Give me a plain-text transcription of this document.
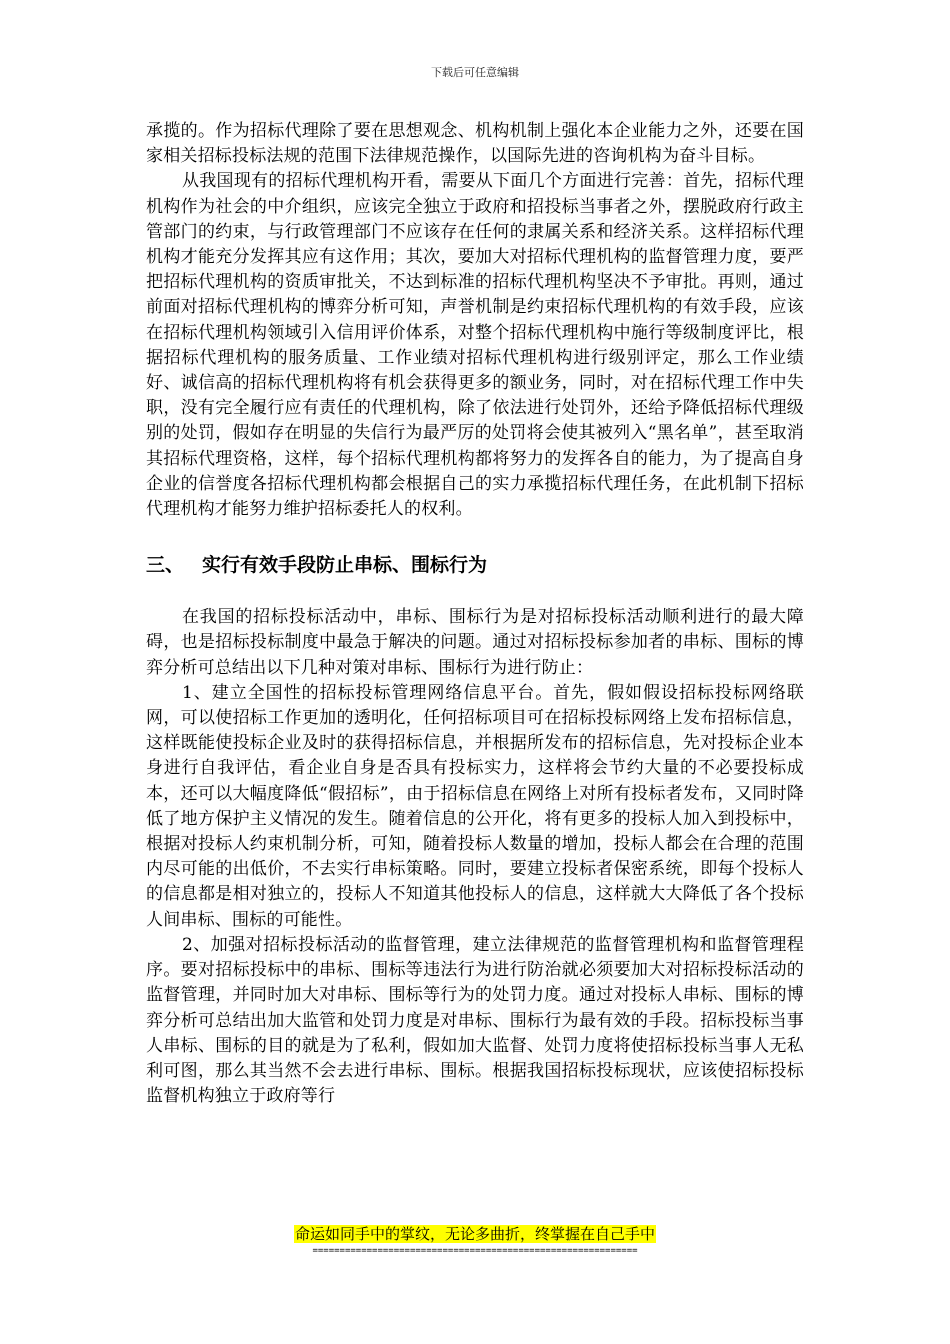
下载后可任意编辑

承揽的。作为招标代理除了要在思想观念、机构机制上强化本企业能力之外，还要在国家相关招标投标法规的范围下法律规范操作，以国际先进的咨询机构为奋斗目标。

从我国现有的招标代理机构开看，需要从下面几个方面进行完善：首先，招标代理机构作为社会的中介组织，应该完全独立于政府和招投标当事者之外，摆脱政府行政主管部门的约束，与行政管理部门不应该存在任何的隶属关系和经济关系。这样招标代理机构才能充分发挥其应有这作用；其次，要加大对招标代理机构的监督管理力度，要严把招标代理机构的资质审批关，不达到标准的招标代理机构坚决不予审批。再则，通过前面对招标代理机构的博弈分析可知，声誉机制是约束招标代理机构的有效手段，应该在招标代理机构领域引入信用评价体系，对整个招标代理机构中施行等级制度评比，根据招标代理机构的服务质量、工作业绩对招标代理机构进行级别评定，那么工作业绩好、诚信高的招标代理机构将有机会获得更多的额业务，同时，对在招标代理工作中失职，没有完全履行应有责任的代理机构，除了依法进行处罚外，还给予降低招标代理级别的处罚，假如存在明显的失信行为最严厉的处罚将会使其被列入“黑名单”，甚至取消其招标代理资格，这样，每个招标代理机构都将努力的发挥各自的能力，为了提高自身企业的信誉度各招标代理机构都会根据自己的实力承揽招标代理任务，在此机制下招标代理机构才能努力维护招标委托人的权利。

三、 实行有效手段防止串标、围标行为

在我国的招标投标活动中，串标、围标行为是对招标投标活动顺利进行的最大障碍，也是招标投标制度中最急于解决的问题。通过对招标投标参加者的串标、围标的博弈分析可总结出以下几种对策对串标、围标行为进行防止：

1、建立全国性的招标投标管理网络信息平台。首先，假如假设招标投标网络联网，可以使招标工作更加的透明化，任何招标项目可在招标投标网络上发布招标信息，这样既能使投标企业及时的获得招标信息，并根据所发布的招标信息，先对投标企业本身进行自我评估，看企业自身是否具有投标实力，这样将会节约大量的不必要投标成本，还可以大幅度降低“假招标”，由于招标信息在网络上对所有投标者发布，又同时降低了地方保护主义情况的发生。随着信息的公开化，将有更多的投标人加入到投标中，根据对投标人约束机制分析，可知，随着投标人数量的增加，投标人都会在合理的范围内尽可能的出低价，不去实行串标策略。同时，要建立投标者保密系统，即每个投标人的信息都是相对独立的，投标人不知道其他投标人的信息，这样就大大降低了各个投标人间串标、围标的可能性。

2、加强对招标投标活动的监督管理，建立法律规范的监督管理机构和监督管理程序。要对招标投标中的串标、围标等违法行为进行防治就必须要加大对招标投标活动的监督管理，并同时加大对串标、围标等行为的处罚力度。通过对投标人串标、围标的博弈分析可总结出加大监管和处罚力度是对串标、围标行为最有效的手段。招标投标当事人串标、围标的目的就是为了私利，假如加大监督、处罚力度将使招标投标当事人无私利可图，那么其当然不会去进行串标、围标。根据我国招标投标现状，应该使招标投标监督机构独立于政府等行

命运如同手中的掌纹，无论多曲折，终掌握在自己手中
============================================================
